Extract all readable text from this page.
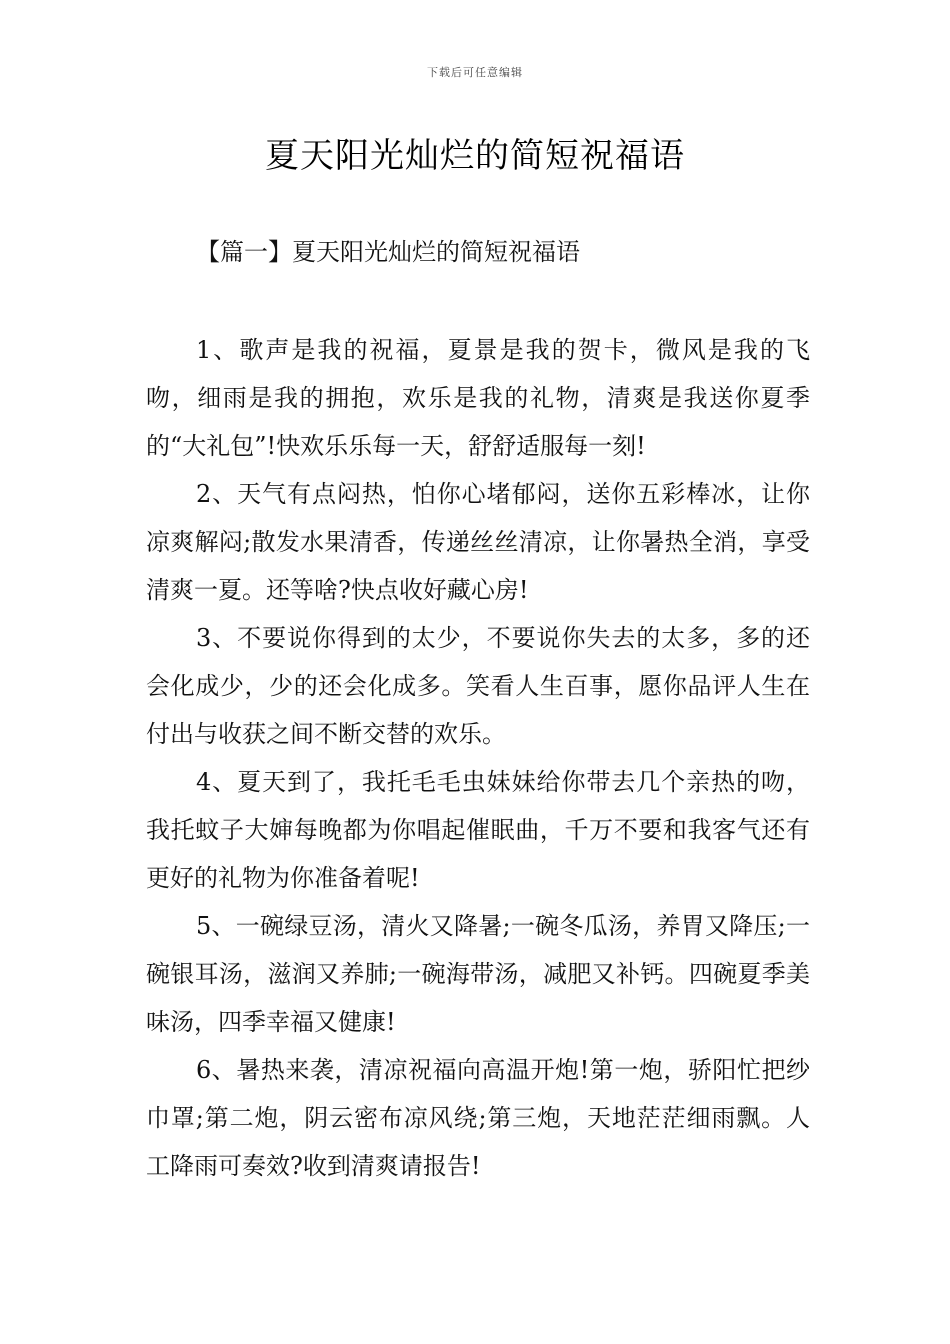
下载后可任意编辑
夏天阳光灿烂的简短祝福语
【篇一】夏天阳光灿烂的简短祝福语

1、歌声是我的祝福，夏景是我的贺卡，微风是我的飞吻，细雨是我的拥抱，欢乐是我的礼物，清爽是我送你夏季的“大礼包”!快欢乐乐每一天，舒舒适服每一刻!

2、天气有点闷热，怕你心堵郁闷，送你五彩棒冰，让你凉爽解闷;散发水果清香，传递丝丝清凉，让你暑热全消，享受清爽一夏。还等啥?快点收好藏心房!

3、不要说你得到的太少，不要说你失去的太多，多的还会化成少，少的还会化成多。笑看人生百事，愿你品评人生在付出与收获之间不断交替的欢乐。

4、夏天到了，我托毛毛虫妹妹给你带去几个亲热的吻，我托蚊子大婶每晚都为你唱起催眠曲，千万不要和我客气还有更好的礼物为你准备着呢!

5、一碗绿豆汤，清火又降暑;一碗冬瓜汤，养胃又降压;一碗银耳汤，滋润又养肺;一碗海带汤，减肥又补钙。四碗夏季美味汤，四季幸福又健康!

6、暑热来袭，清凉祝福向高温开炮!第一炮，骄阳忙把纱巾罩;第二炮，阴云密布凉风绕;第三炮，天地茫茫细雨飘。人工降雨可奏效?收到清爽请报告!
